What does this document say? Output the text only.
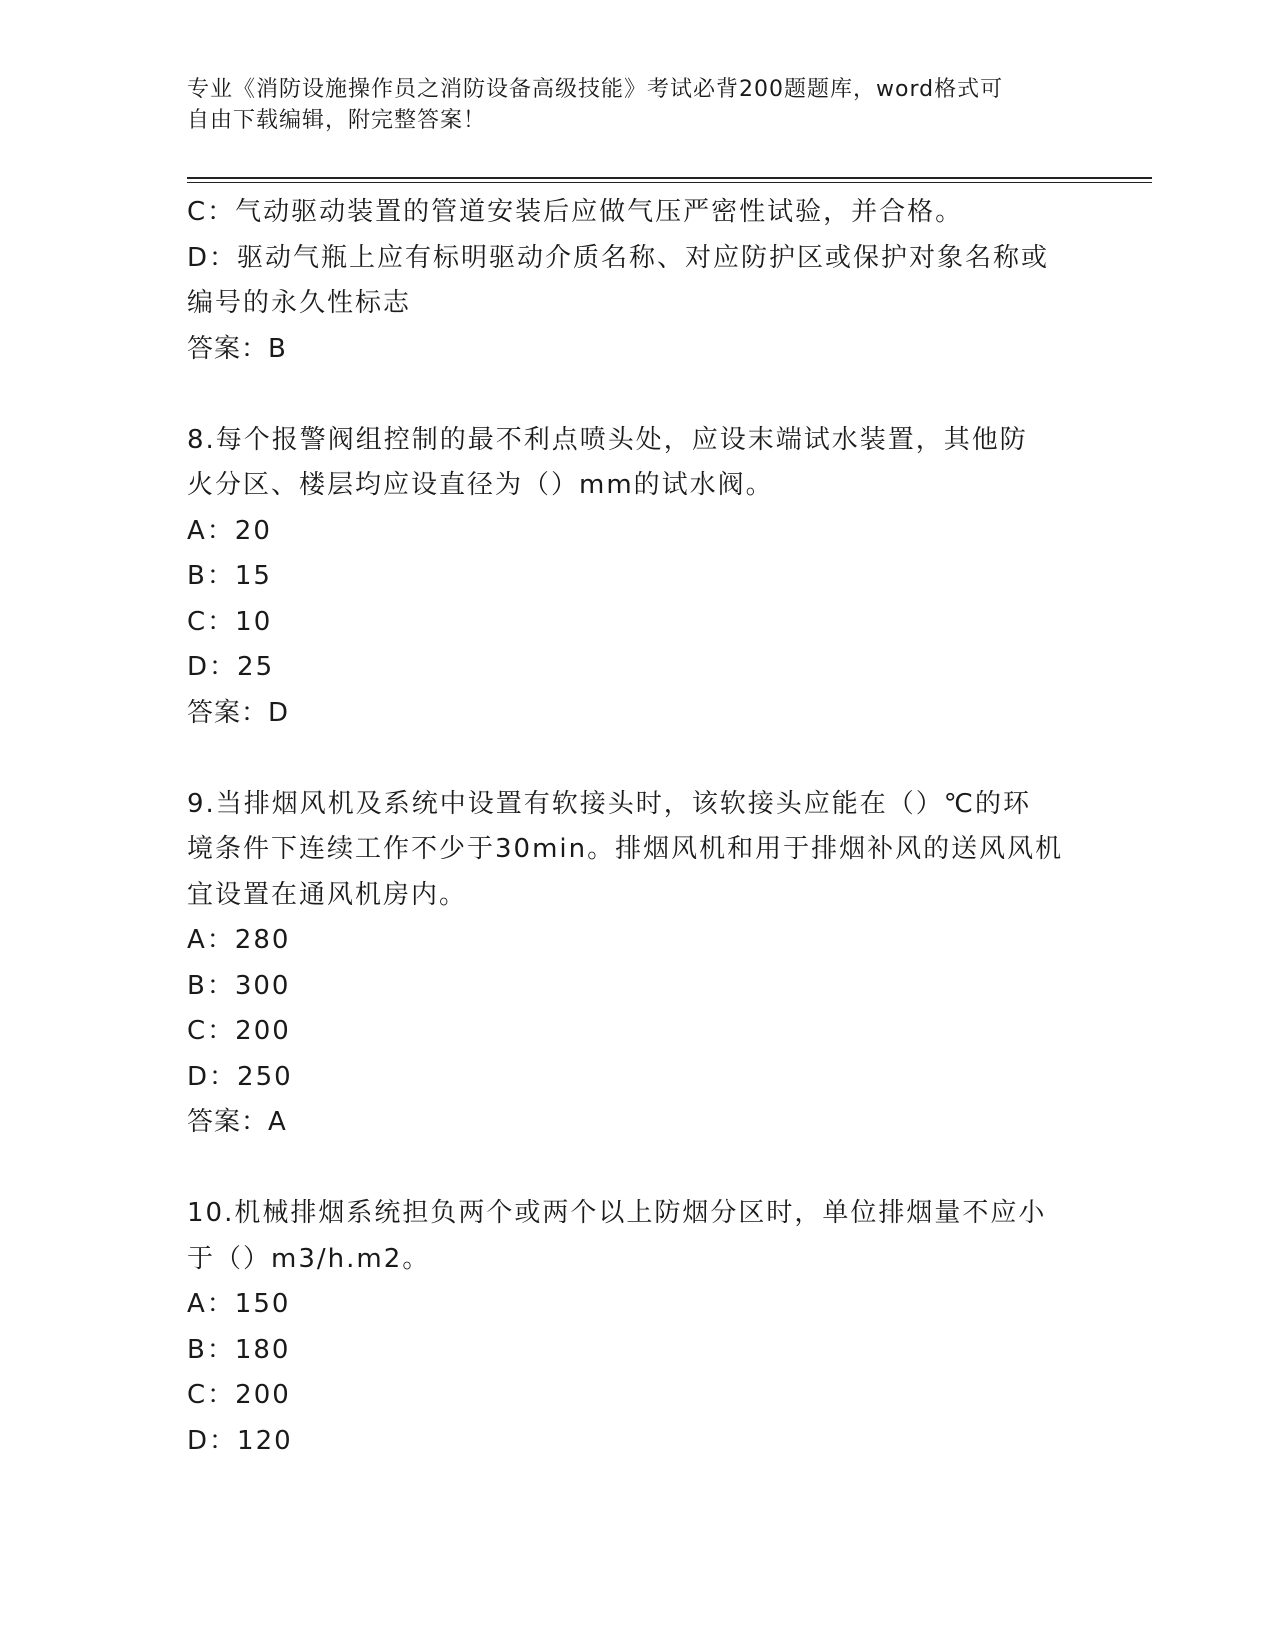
专业《消防设施操作员之消防设备高级技能》考试必背200题题库，word格式可
自由下载编辑，附完整答案！
C：气动驱动装置的管道安装后应做气压严密性试验，并合格。
D：驱动气瓶上应有标明驱动介质名称、对应防护区或保护对象名称或
编号的永久性标志
答案：B
8.每个报警阀组控制的最不利点喷头处，应设末端试水装置，其他防
火分区、楼层均应设直径为（）mm的试水阀。
A：20
B：15
C：10
D：25
答案：D
9.当排烟风机及系统中设置有软接头时，该软接头应能在（）℃的环
境条件下连续工作不少于30min。排烟风机和用于排烟补风的送风风机
宜设置在通风机房内。
A：280
B：300
C：200
D：250
答案：A
10.机械排烟系统担负两个或两个以上防烟分区时，单位排烟量不应小
于（）m3/h.m2。
A：150
B：180
C：200
D：120
